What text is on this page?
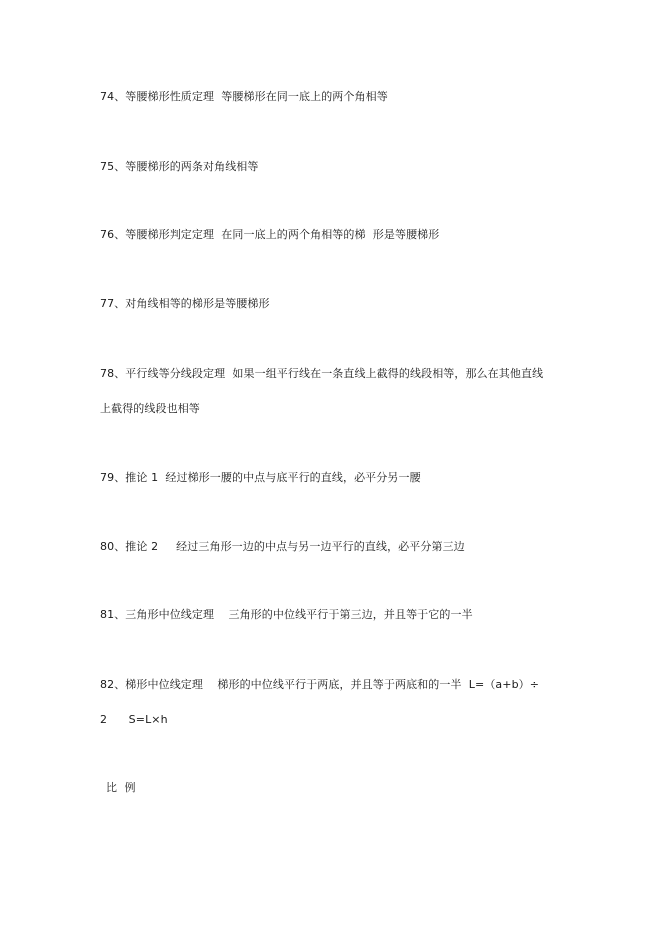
74、等腰梯形性质定理  等腰梯形在同一底上的两个角相等
75、等腰梯形的两条对角线相等
76、等腰梯形判定定理  在同一底上的两个角相等的梯  形是等腰梯形
77、对角线相等的梯形是等腰梯形
78、平行线等分线段定理  如果一组平行线在一条直线上截得的线段相等，那么在其他直线
上截得的线段也相等
79、推论 1  经过梯形一腰的中点与底平行的直线，必平分另一腰
80、推论 2     经过三角形一边的中点与另一边平行的直线，必平分第三边
81、三角形中位线定理    三角形的中位线平行于第三边，并且等于它的一半
82、梯形中位线定理    梯形的中位线平行于两底，并且等于两底和的一半  L=（a+b）÷
2      S=L×h
比 例
